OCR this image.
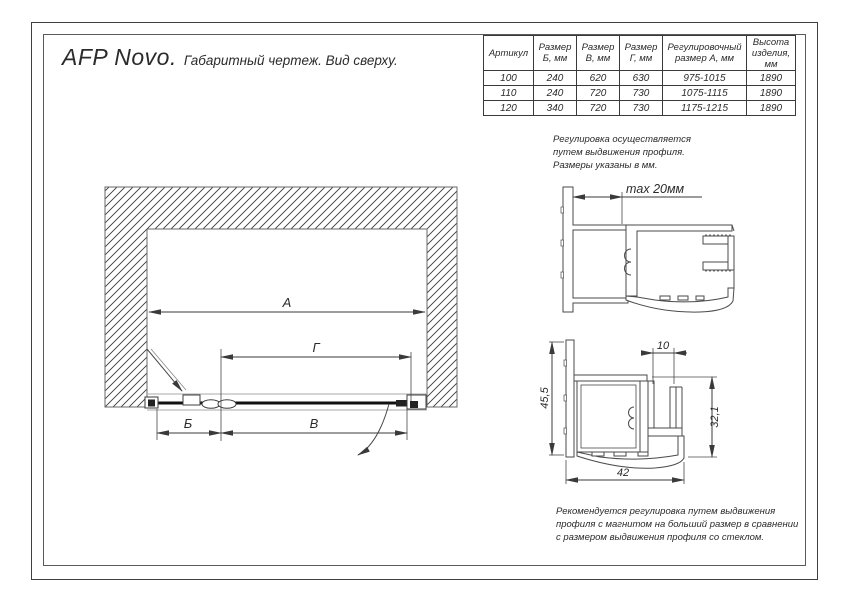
AFP Novo. Габаритный чертеж. Вид сверху.	Артикул	Размер Б, мм	Размер В, мм	Размер Г, мм	Регулировочный размер А, мм	Высота изделия, мм
100	240	620	630	975-1015	1890
110	240	720	730	1075-1115	1890
120	340	720	730	1175-1215	1890
Регулировка осуществляется
путем выдвижения профиля.
Размеры указаны в мм.
Рекомендуется регулировка путем выдвижения
профиля с магнитом на больший размер в сравнении
с размером выдвижения профиля со стеклом.
A
Г
Б	В
max 20мм
45,5
10
32,1
42
